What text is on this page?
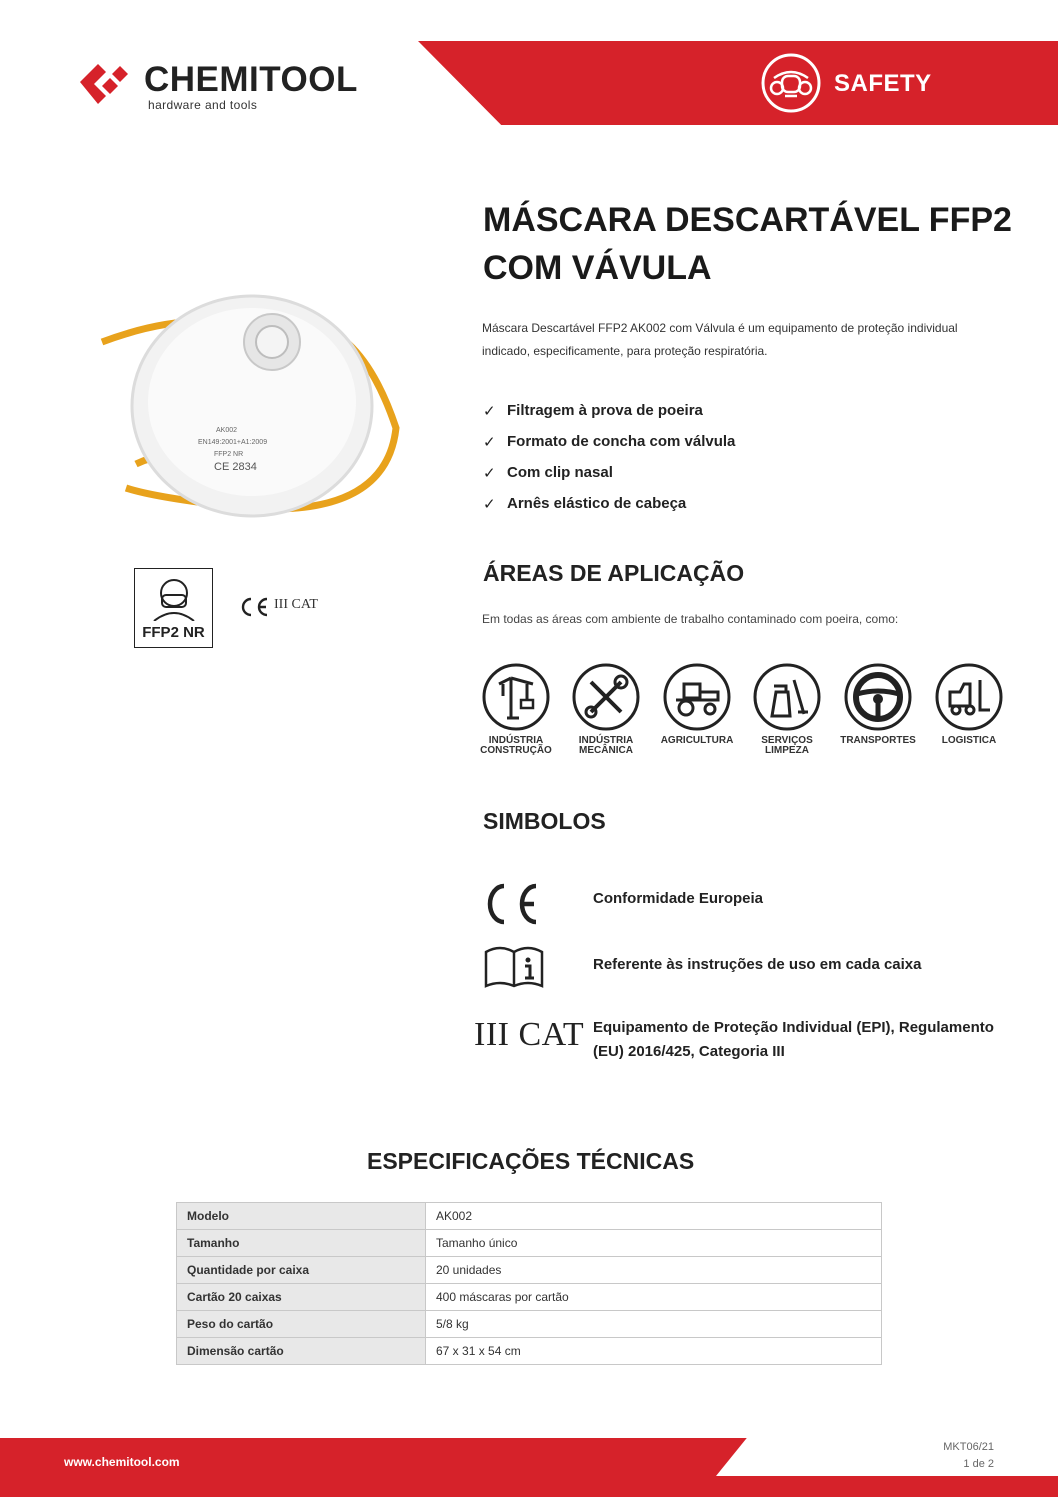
CHEMITOOL
hardware and tools
SAFETY
AK002
EN149:2001+A1:2009
FFP2 NR
CE 2834
FFP2 NR
III CAT
MÁSCARA DESCARTÁVEL FFP2
COM VÁVULA
Máscara Descartável FFP2 AK002 com Válvula é um equipamento de proteção individual indicado, especificamente, para proteção respiratória.
✓ Filtragem à prova de poeira
✓ Formato de concha com válvula
✓ Com clip nasal
✓ Arnês elástico de cabeça
ÁREAS DE APLICAÇÃO
Em todas as áreas com ambiente de trabalho contaminado com poeira, como:
INDÚSTRIA
CONSTRUÇÃO
INDÚSTRIA
MECÂNICA
AGRICULTURA	SERVIÇOS
LIMPEZA
TRANSPORTES	LOGISTICA
SIMBOLOS
Conformidade Europeia
Referente às instruções de uso em cada caixa
III CAT Equipamento de Proteção Individual (EPI), Regulamento (EU) 2016/425, Categoria III
ESPECIFICAÇÕES TÉCNICAS
Modelo	AK002
Tamanho	Tamanho único
Quantidade por caixa	20 unidades
Cartão 20 caixas	400 máscaras por cartão
Peso do cartão	5/8 kg
Dimensão cartão	67 x 31 x 54 cm
www.chemitool.com
MKT06/21
1 de 2
